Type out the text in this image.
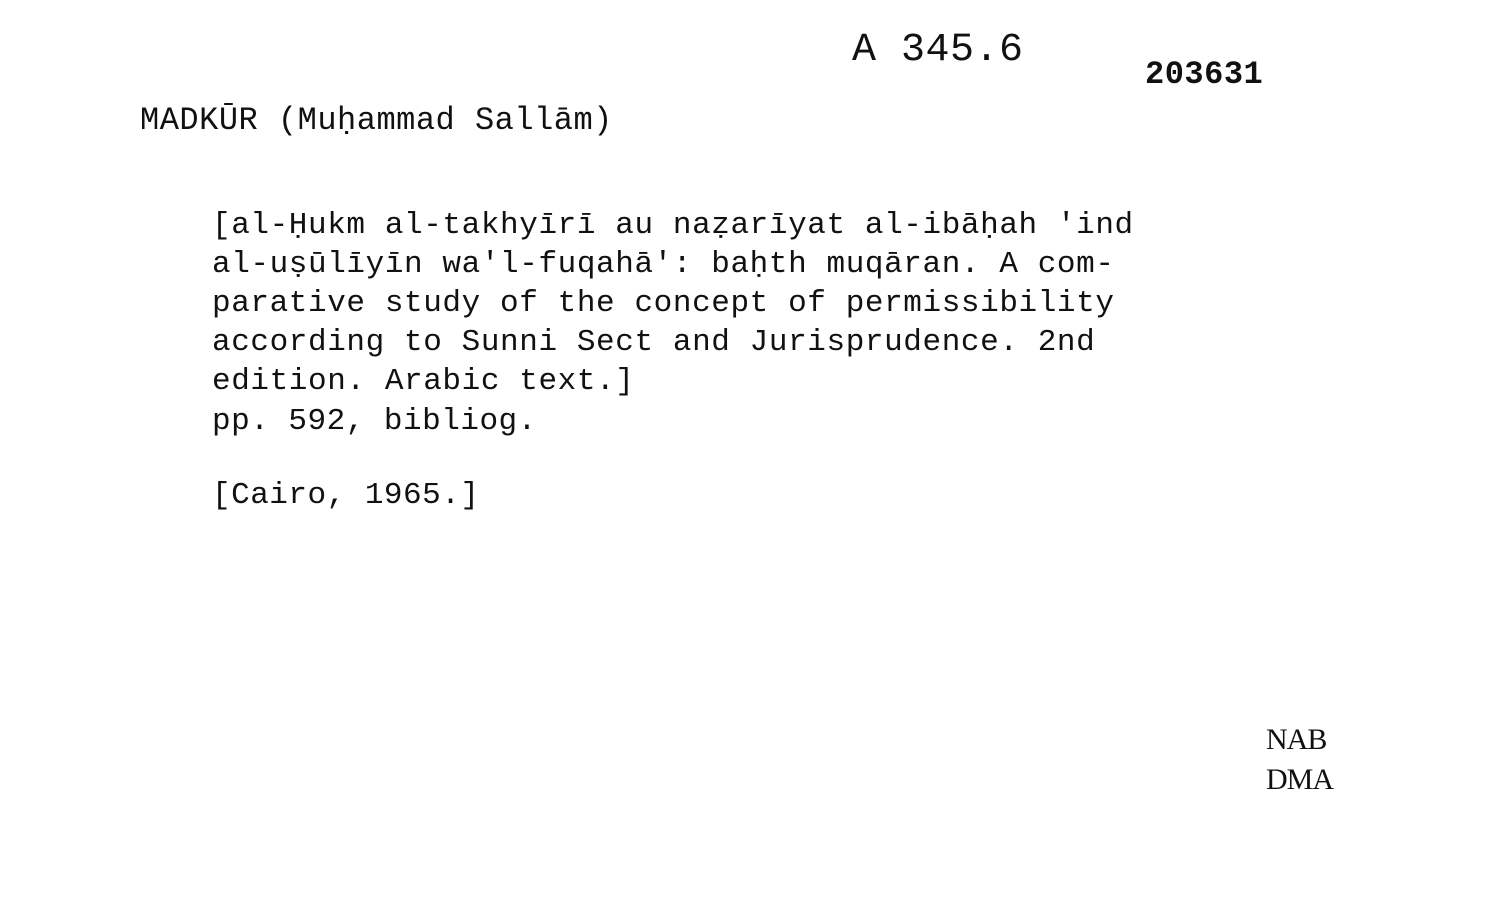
A 345.6
203631
MADKŪR (Muḥammad Sallām)
[al-Ḥukm al-takhyīrī au naẓarīyat al-ibāḥah 'ind
al-uṣūlīyīn wa'l-fuqahā': baḥth muqāran. A com-
parative study of the concept of permissibility
according to Sunni Sect and Jurisprudence. 2nd
edition. Arabic text.]
pp. 592, bibliog.
[Cairo, 1965.]
NAB
DMA
